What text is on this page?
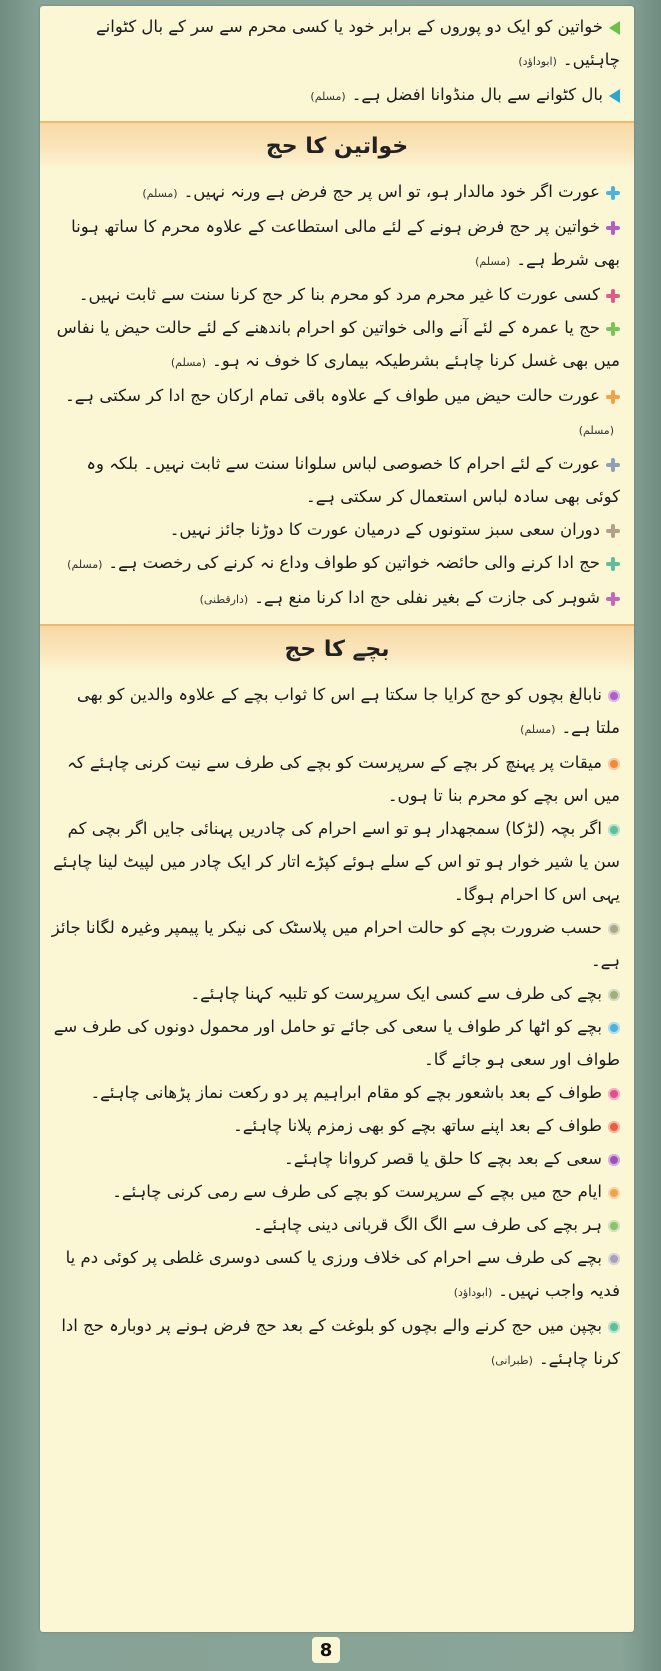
خواتین کو ایک دو پوروں کے برابر خود یا کسی محرم سے سر کے بال کٹوانے چاہئیں۔(ابوداؤد)
بال کٹوانے سے بال منڈوانا افضل ہے۔(مسلم)
خواتین کا حج
عورت اگر خود مالدار ہو، تو اس پر حج فرض ہے ورنہ نہیں۔(مسلم)
خواتین پر حج فرض ہونے کے لئے مالی استطاعت کے علاوہ محرم کا ساتھ ہونا بھی شرط ہے۔(مسلم)
کسی عورت کا غیر محرم مرد کو محرم بنا کر حج کرنا سنت سے ثابت نہیں۔
حج یا عمرہ کے لئے آنے والی خواتین کو احرام باندھنے کے لئے حالت حیض یا نفاس میں بھی غسل کرنا چاہئے بشرطیکہ بیماری کا خوف نہ ہو۔(مسلم)
عورت حالت حیض میں طواف کے علاوہ باقی تمام ارکان حج ادا کر سکتی ہے۔(مسلم)
عورت کے لئے احرام کا خصوصی لباس سلوانا سنت سے ثابت نہیں۔ بلکہ وہ کوئی بھی سادہ لباس استعمال کر سکتی ہے۔
دوران سعی سبز ستونوں کے درمیان عورت کا دوڑنا جائز نہیں۔
حج ادا کرنے والی حائضہ خواتین کو طواف وداع نہ کرنے کی رخصت ہے۔(مسلم)
شوہر کی جازت کے بغیر نفلی حج ادا کرنا منع ہے۔(دارقطنی)
بچے کا حج
نابالغ بچوں کو حج کرایا جا سکتا ہے اس کا ثواب بچے کے علاوہ والدین کو بھی ملتا ہے۔(مسلم)
میقات پر پہنچ کر بچے کے سرپرست کو بچے کی طرف سے نیت کرنی چاہئے کہ میں اس بچے کو محرم بنا تا ہوں۔
اگر بچہ (لڑکا) سمجھدار ہو تو اسے احرام کی چادریں پہنائی جایں اگر بچی کم سن یا شیر خوار ہو تو اس کے سلے ہوئے کپڑے اتار کر ایک چادر میں لپیٹ لینا چاہئے یہی اس کا احرام ہوگا۔
حسب ضرورت بچے کو حالت احرام میں پلاسٹک کی نیکر یا پیمپر وغیرہ لگانا جائز ہے۔
بچے کی طرف سے کسی ایک سرپرست کو تلبیہ کہنا چاہئے۔
بچے کو اٹھا کر طواف یا سعی کی جائے تو حامل اور محمول دونوں کی طرف سے طواف اور سعی ہو جائے گا۔
طواف کے بعد باشعور بچے کو مقام ابراہیم پر دو رکعت نماز پڑھانی چاہئے۔
طواف کے بعد اپنے ساتھ بچے کو بھی زمزم پلانا چاہئے۔
سعی کے بعد بچے کا حلق یا قصر کروانا چاہئے۔
ایام حج میں بچے کے سرپرست کو بچے کی طرف سے رمی کرنی چاہئے۔
ہر بچے کی طرف سے الگ الگ قربانی دینی چاہئے۔
بچے کی طرف سے احرام کی خلاف ورزی یا کسی دوسری غلطی پر کوئی دم یا فدیہ واجب نہیں۔(ابوداؤد)
بچپن میں حج کرنے والے بچوں کو بلوغت کے بعد حج فرض ہونے پر دوبارہ حج ادا کرنا چاہئے۔(طبرانی)
8
